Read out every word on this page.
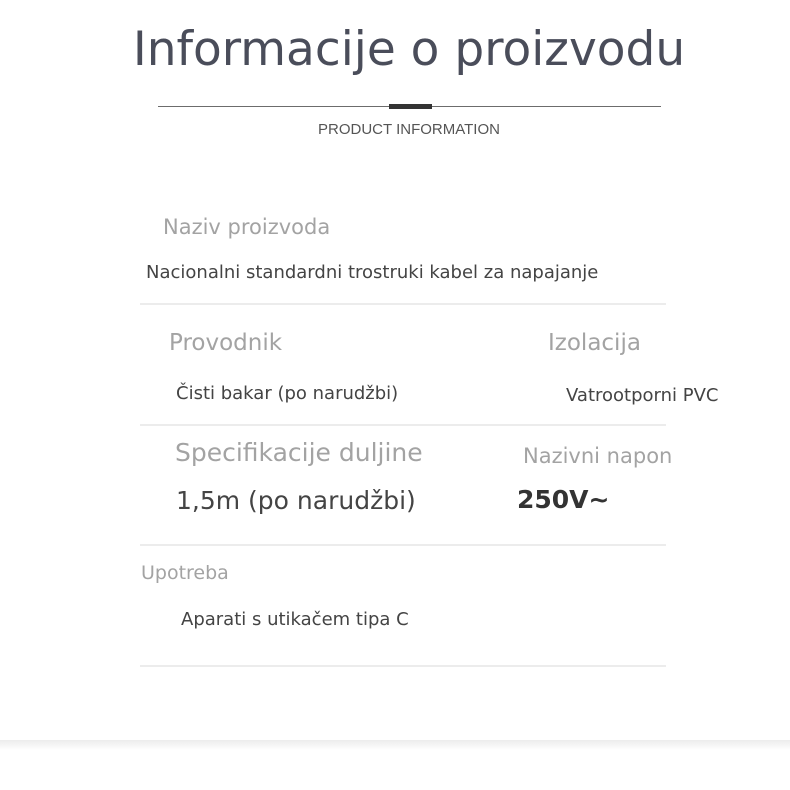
Informacije o proizvodu
PRODUCT INFORMATION
Naziv proizvoda
Nacionalni standardni trostruki kabel za napajanje
Provodnik
Čisti bakar (po narudžbi)
Izolacija
Vatrootporni PVC
Specifikacije duljine
1,5m (po narudžbi)
Nazivni napon
250V~
Upotreba
Aparati s utikačem tipa C
